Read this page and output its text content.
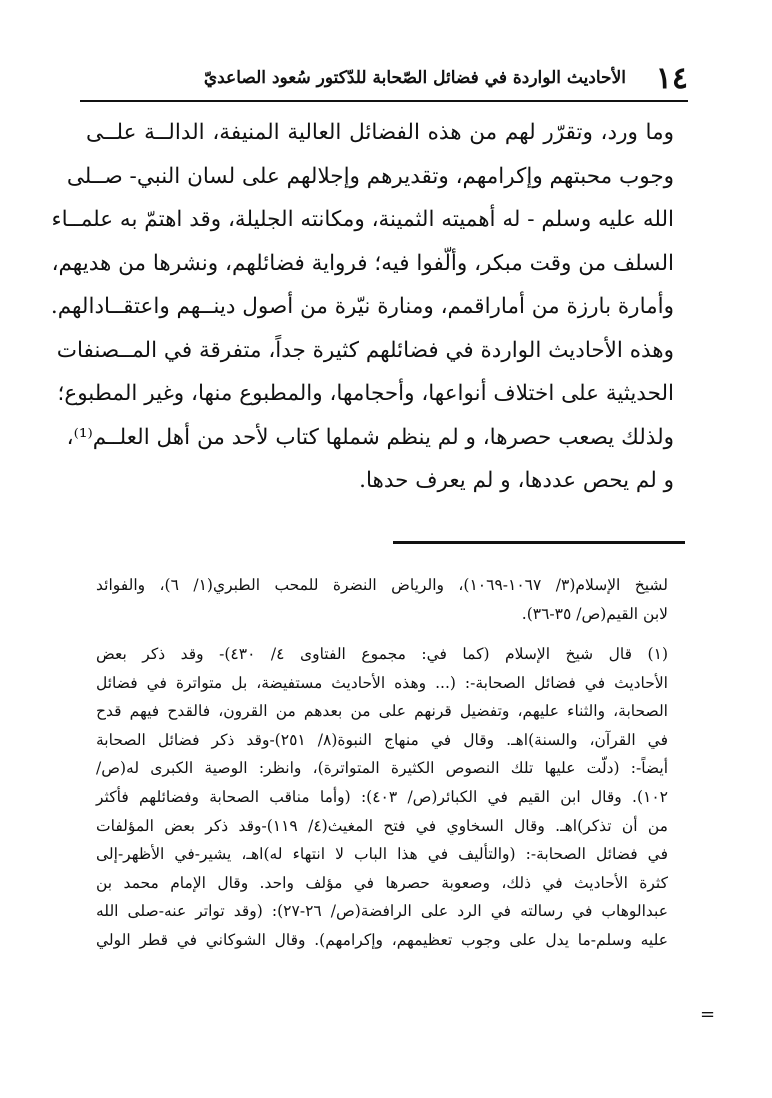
١٤
الأحاديث الواردة في فضائل الصّحابة للدّكتور سُعود الصاعديّ
وما ورد، وتقرّر لهم من هذه الفضائل العالية المنيفة، الدالــة علــى
وجوب محبتهم وإكرامهم، وتقديرهم وإجلالهم على لسان النبي- صــلى
الله عليه وسلم - له أهميته الثمينة، ومكانته الجليلة، وقد اهتمّ به علمــاء
السلف من وقت مبكر، وألّفوا فيه؛ فرواية فضائلهم، ونشرها من هديهم،
وأمارة بارزة من أماراقمم، ومنارة نيّرة من أصول دينــهم واعتقــادالهم.
وهذه الأحاديث الواردة في فضائلهم كثيرة جداً، متفرقة في المــصنفات
الحديثية على اختلاف أنواعها، وأحجامها، والمطبوع منها، وغير المطبوع؛
ولذلك يصعب حصرها، و لم ينظم شملها كتاب لأحد من أهل العلــم⁽¹⁾،
و لم يحص عددها، و لم يعرف حدها.
لشيخ الإسلام(٣/ ١٠٦٧-١٠٦٩)، والرياض النضرة للمحب الطبري(١/ ٦)، والفوائد
لابن القيم(ص/ ٣٥-٣٦).
(١) قال شيخ الإسلام (كما في: مجموع الفتاوى ٤/ ٤٣٠)- وقد ذكر بعض
الأحاديث في فضائل الصحابة-: (... وهذه الأحاديث مستفيضة، بل متواترة في فضائل
الصحابة، والثناء عليهم، وتفضيل قرنهم على من بعدهم من القرون، فالقدح فيهم قدح
في القرآن، والسنة)اهـ. وقال في منهاج النبوة(٨/ ٢٥١)-وقد ذكر فضائل الصحابة
أيضاً-: (دلّت عليها تلك النصوص الكثيرة المتواترة)، وانظر: الوصية الكبرى له(ص/
١٠٢). وقال ابن القيم في الكبائر(ص/ ٤٠٣): (وأما مناقب الصحابة وفضائلهم فأكثر
من أن تذكر)اهـ. وقال السخاوي في فتح المغيث(٤/ ١١٩)-وقد ذكر بعض المؤلفات
في فضائل الصحابة-: (والتأليف في هذا الباب لا انتهاء له)اهـ، يشير-في الأظهر-إلى
كثرة الأحاديث في ذلك، وصعوبة حصرها في مؤلف واحد. وقال الإمام محمد بن
عبدالوهاب في رسالته في الرد على الرافضة(ص/ ٢٦-٢٧): (وقد تواتر عنه-صلى الله
عليه وسلم-ما يدل على وجوب تعظيمهم، وإكرامهم). وقال الشوكاني في قطر الولي
=
